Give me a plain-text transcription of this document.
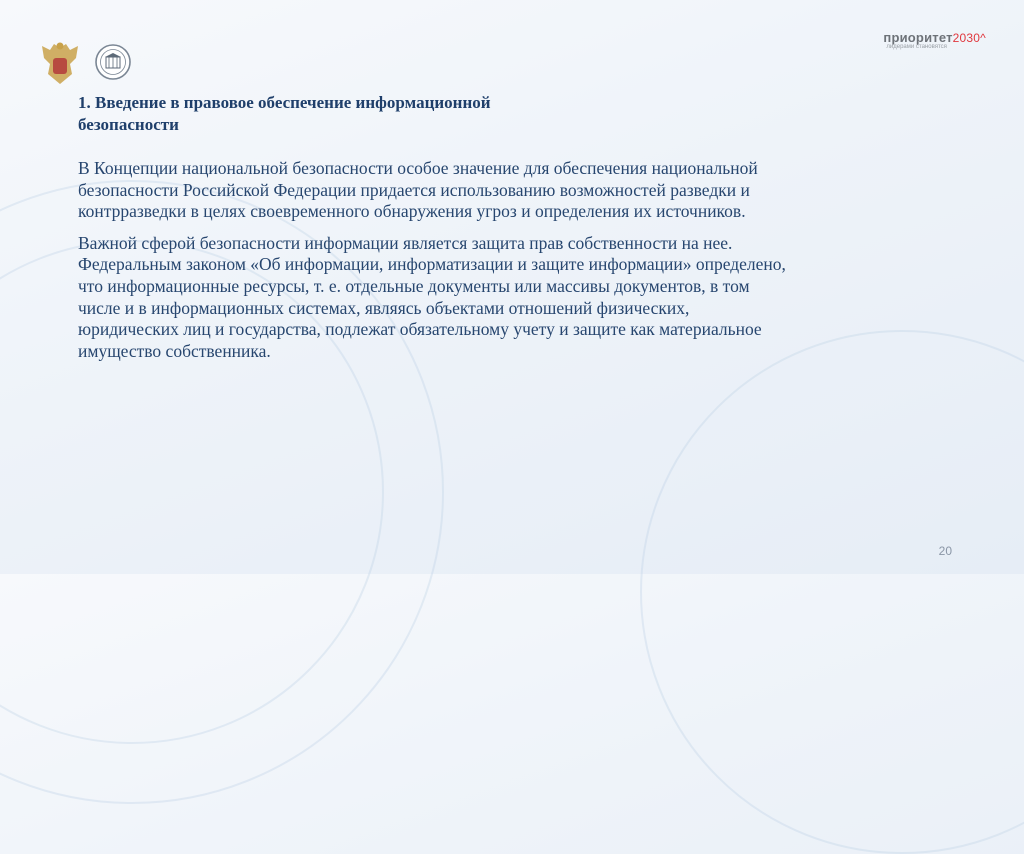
приоритет2030^
лидерами становятся
1. Введение в правовое обеспечение информационной
безопасности

В Концепции национальной безопасности особое значение для обеспечения национальной
безопасности Российской Федерации придается использованию возможностей разведки и
контрразведки в целях своевременного обнаружения угроз и определения их источников.

Важной сферой безопасности информации является защита прав собственности на нее.
Федеральным законом «Об информации, информатизации и защите информации» определено,
что информационные ресурсы, т. е. отдельные документы или массивы документов, в том
числе и в информационных системах, являясь объектами отношений физических,
юридических лиц и государства, подлежат обязательному учету и защите как материальное
имущество собственника.

20
